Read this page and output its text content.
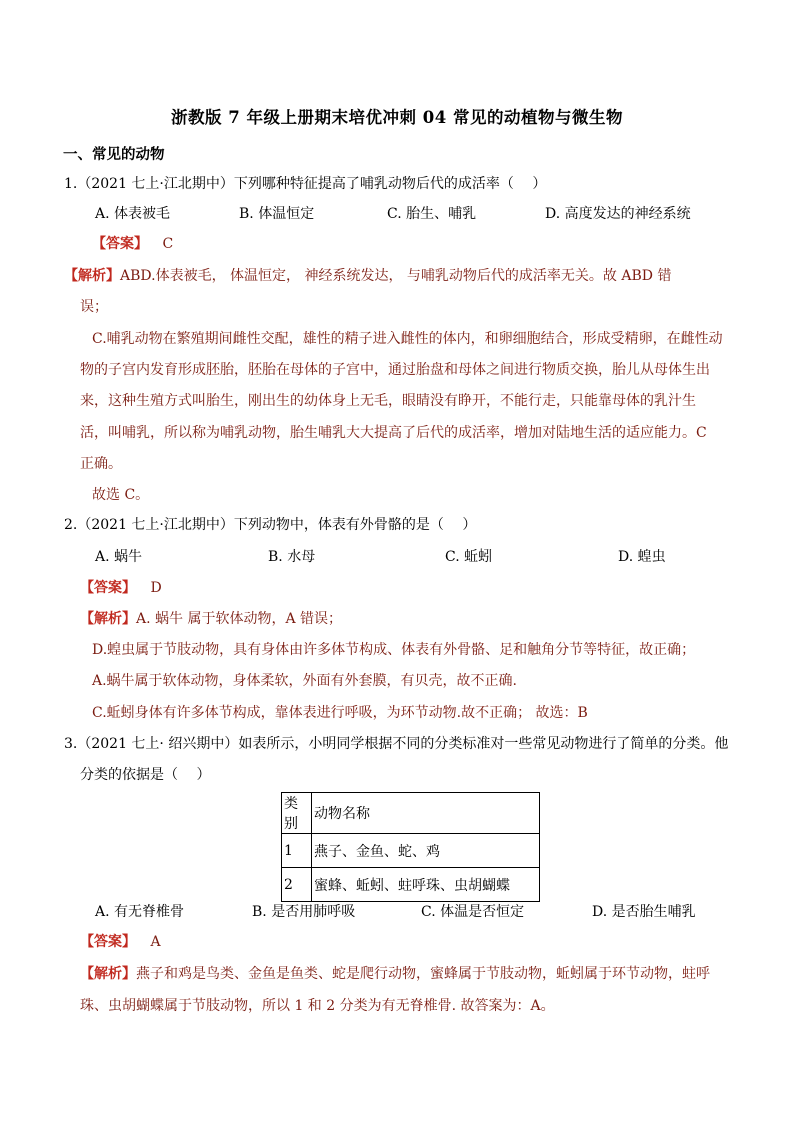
浙教版 7 年级上册期末培优冲刺 04 常见的动植物与微生物
一、常见的动物
1.（2021 七上·江北期中）下列哪种特征提高了哺乳动物后代的成活率（　 ）
A. 体表被毛	B. 体温恒定	C. 胎生、哺乳	D. 高度发达的神经系统
【答案】 C
【解析】ABD.体表被毛， 体温恒定， 神经系统发达， 与哺乳动物后代的成活率无关。故 ABD 错
误；
C.哺乳动物在繁殖期间雌性交配，雄性的精子进入雌性的体内，和卵细胞结合，形成受精卵，在雌性动
物的子宫内发育形成胚胎，胚胎在母体的子宫中，通过胎盘和母体之间进行物质交换，胎儿从母体生出
来，这种生殖方式叫胎生，刚出生的幼体身上无毛，眼睛没有睁开，不能行走，只能靠母体的乳汁生
活，叫哺乳，所以称为哺乳动物，胎生哺乳大大提高了后代的成活率，增加对陆地生活的适应能力。C
正确。
故选 C。
2.（2021 七上·江北期中）下列动物中，体表有外骨骼的是（　 ）
A. 蜗牛	B. 水母	C. 蚯蚓	D. 蝗虫
【答案】 D
【解析】A. 蜗牛 属于软体动物，A 错误；
D.蝗虫属于节肢动物，具有身体由许多体节构成、体表有外骨骼、足和触角分节等特征，故正确；
A.蜗牛属于软体动物，身体柔软，外面有外套膜，有贝壳，故不正确.
C.蚯蚓身体有许多体节构成，靠体表进行呼吸，为环节动物.故不正确； 故选：B
3.（2021 七上· 绍兴期中）如表所示，小明同学根据不同的分类标准对一些常见动物进行了简单的分类。他
分类的依据是（　 ）
类别	动物名称
1	燕子、金鱼、蛇、鸡
2	蜜蜂、蚯蚓、蛀呼珠、虫胡蝴蝶
A. 有无脊椎骨	B. 是否用肺呼吸	C. 体温是否恒定	D. 是否胎生哺乳
【答案】 A
【解析】燕子和鸡是鸟类、金鱼是鱼类、蛇是爬行动物，蜜蜂属于节肢动物，蚯蚓属于环节动物，蛀呼
珠、虫胡蝴蝶属于节肢动物，所以 1 和 2 分类为有无脊椎骨. 故答案为：A。
